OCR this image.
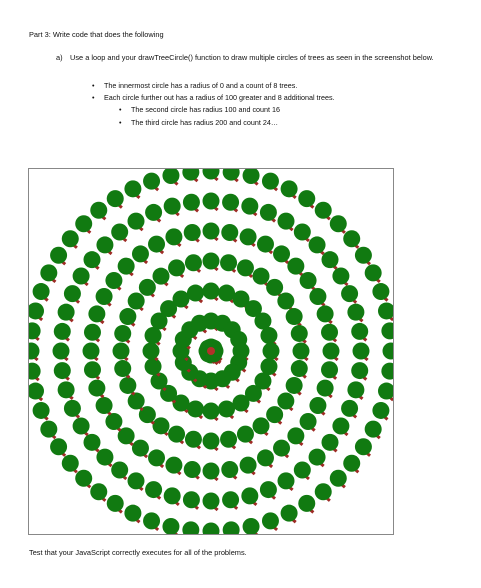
Part 3: Write code that does the following
a) Use a loop and your drawTreeCircle() function to draw multiple circles of trees as seen in the screenshot below.
• The innermost circle has a radius of 0 and a count of 8 trees.
• Each circle further out has a radius of 100 greater and 8 additional trees.
• The second circle has radius 100 and count 16
• The third circle has radius 200 and count 24…
Test that your JavaScript correctly executes for all of the problems.
